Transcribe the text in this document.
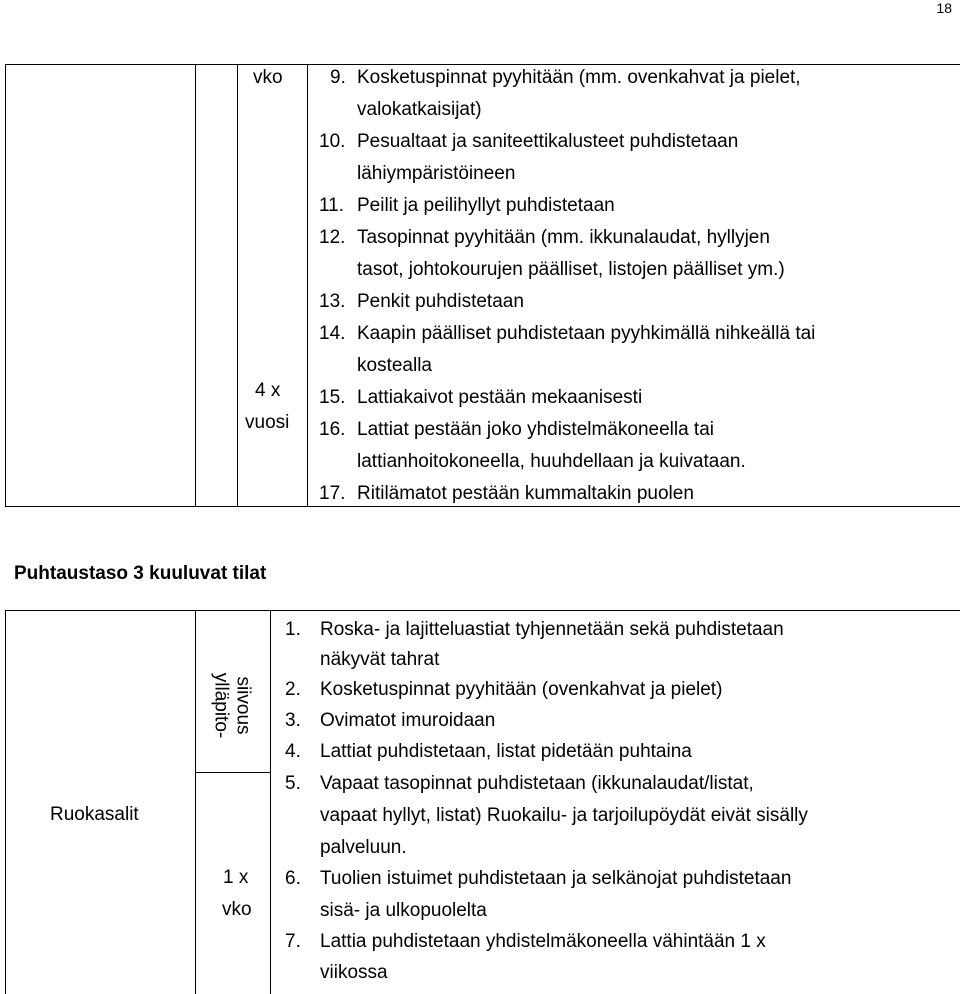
18
vko
4 x
vuosi
9. Kosketuspinnat pyyhitään (mm. ovenkahvat ja pielet,
valokatkaisijat)
10. Pesualtaat ja saniteettikalusteet puhdistetaan
lähiympäristöineen
11. Peilit ja peilihyllyt puhdistetaan
12. Tasopinnat pyyhitään (mm. ikkunalaudat, hyllyjen
tasot, johtokourujen päälliset, listojen päälliset ym.)
13. Penkit puhdistetaan
14. Kaapin päälliset puhdistetaan pyyhkimällä nihkeällä tai
kostealla
15. Lattiakaivot pestään mekaanisesti
16. Lattiat pestään joko yhdistelmäkoneella tai
lattianhoitokoneella, huuhdellaan ja kuivataan.
17. Ritilämatot pestään kummaltakin puolen
Puhtaustaso 3 kuuluvat tilat
Ruokasalit
ylläpito- siivous
1 x
vko
1. Roska- ja lajitteluastiat tyhjennetään sekä puhdistetaan
näkyvät tahrat
2. Kosketuspinnat pyyhitään (ovenkahvat ja pielet)
3. Ovimatot imuroidaan
4. Lattiat puhdistetaan, listat pidetään puhtaina
5. Vapaat tasopinnat puhdistetaan (ikkunalaudat/listat,
vapaat hyllyt, listat) Ruokailu- ja tarjoilupöydät eivät sisälly
palveluun.
6. Tuolien istuimet puhdistetaan ja selkänojat puhdistetaan
sisä- ja ulkopuolelta
7. Lattia puhdistetaan yhdistelmäkoneella vähintään 1 x
viikossa
